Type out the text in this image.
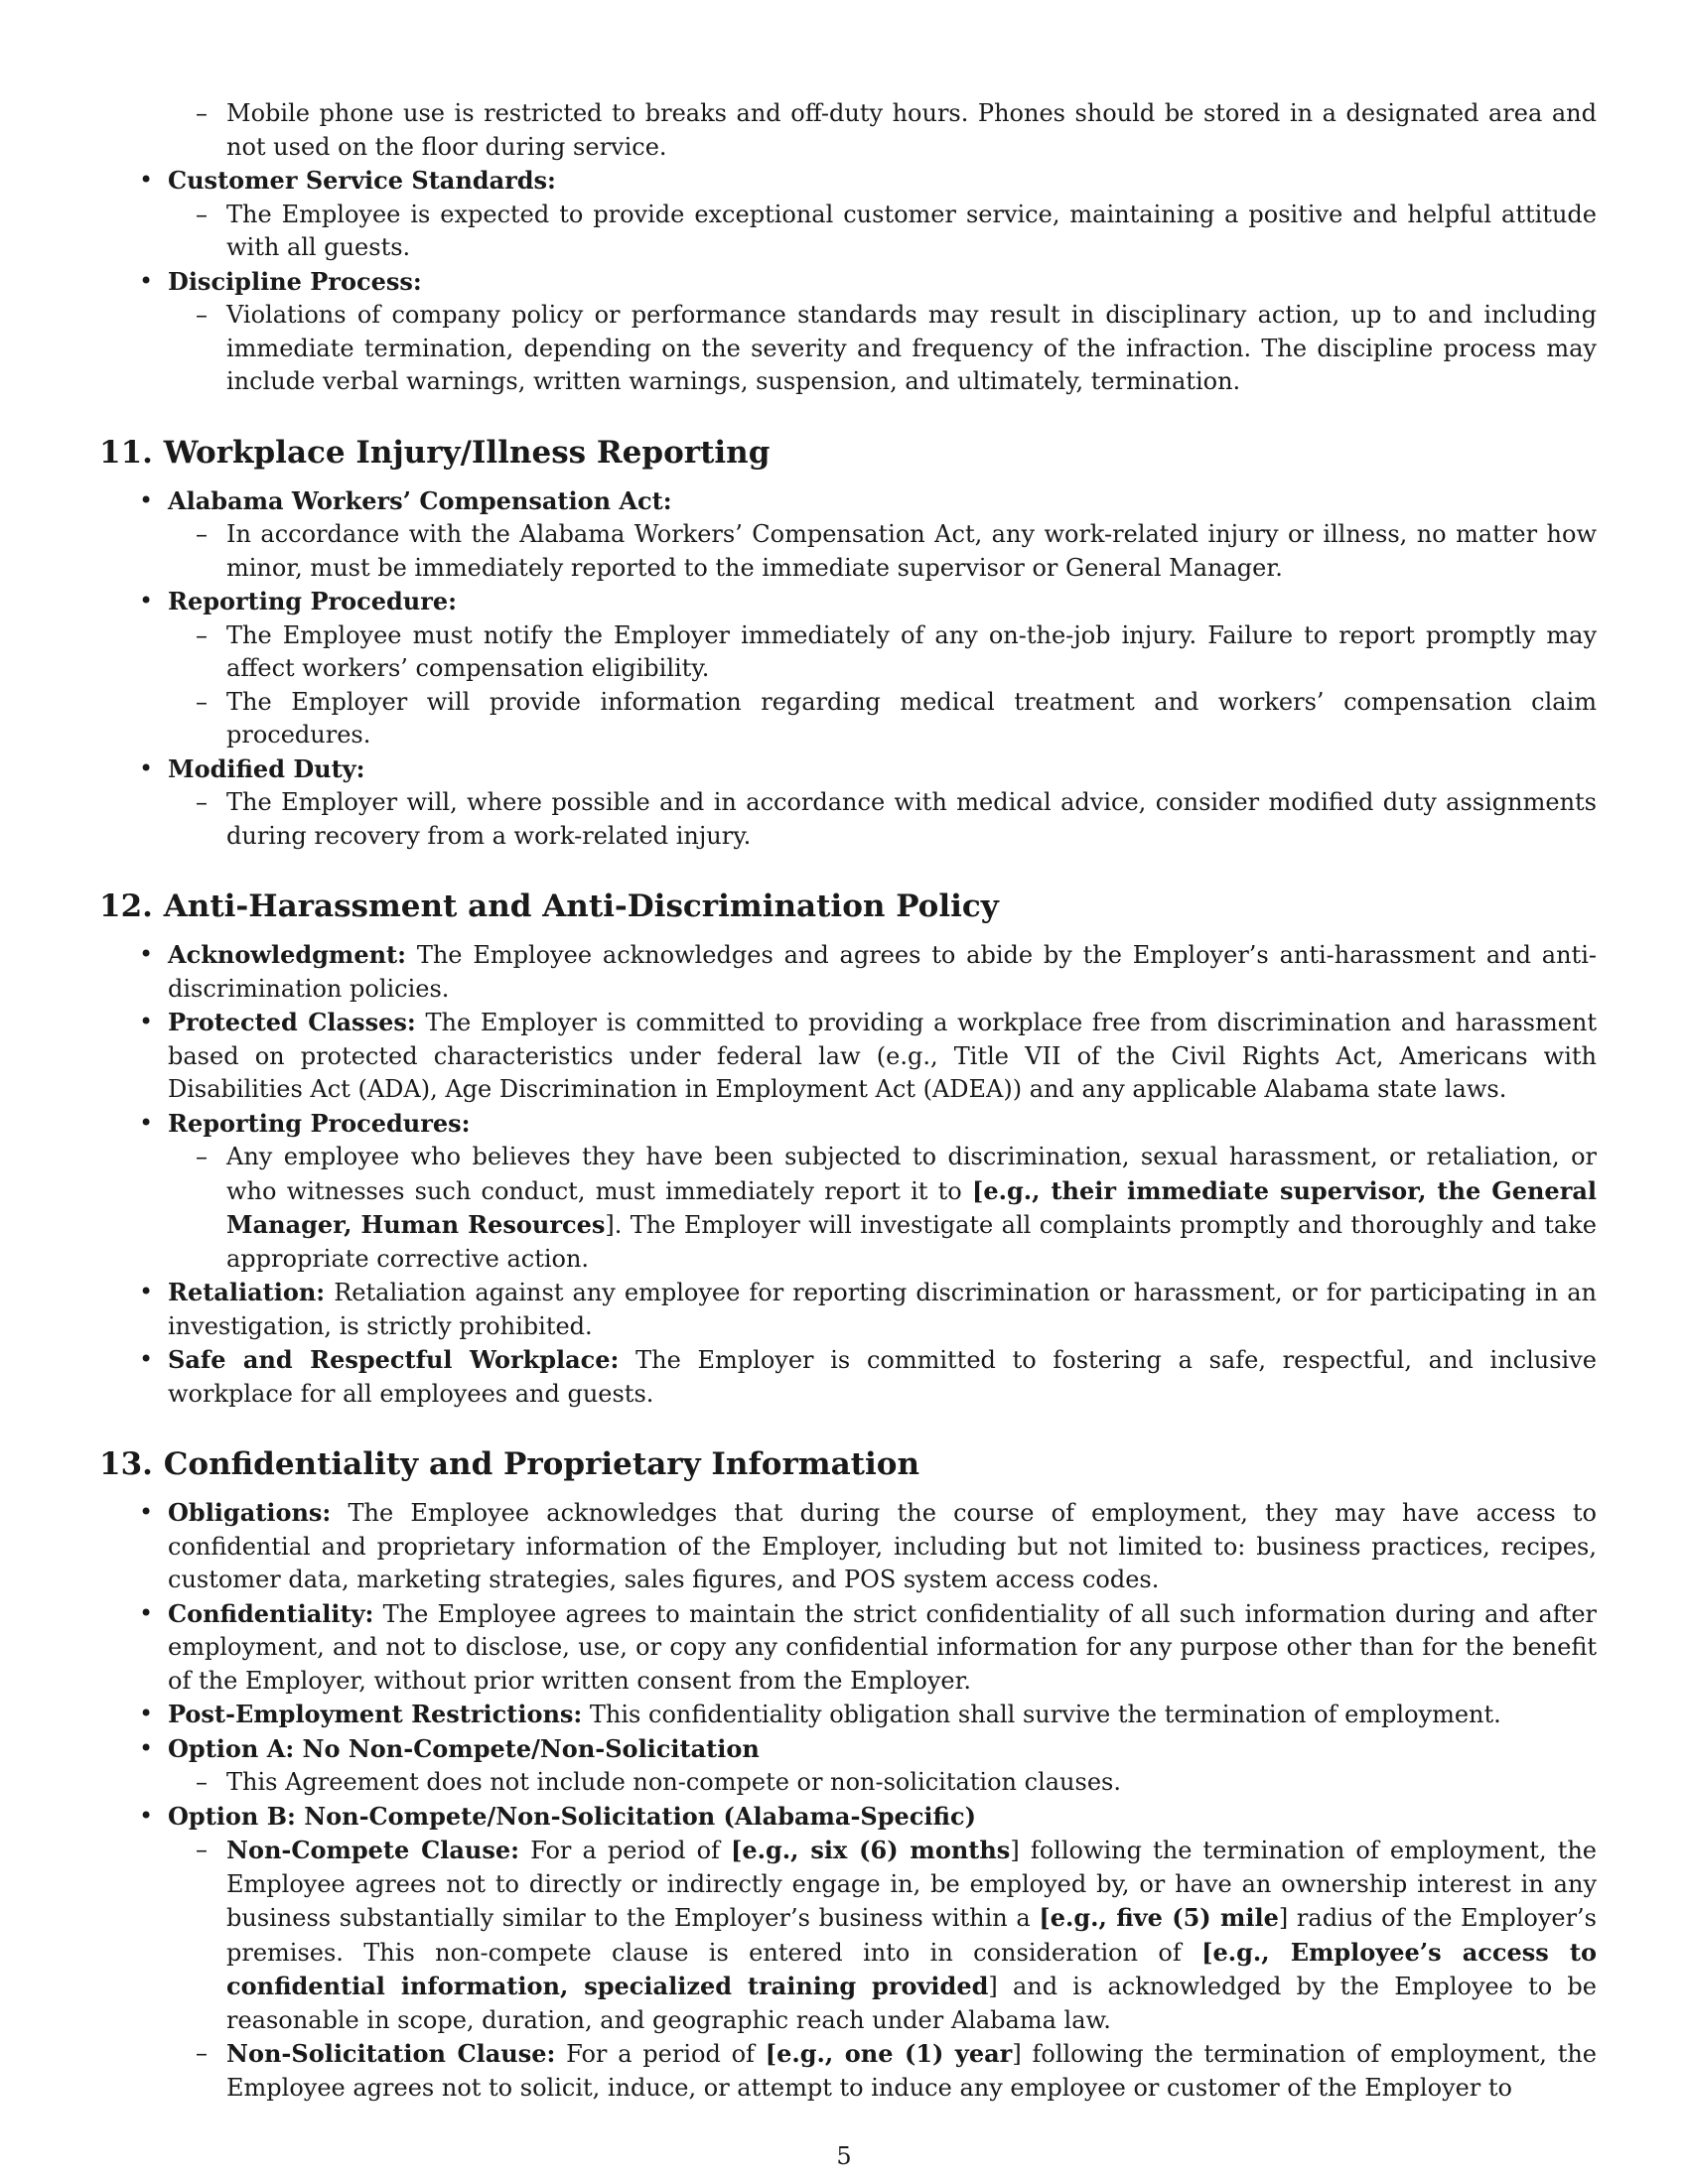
– Mobile phone use is restricted to breaks and off-duty hours. Phones should be stored in a designated area and not used on the floor during service.
• Customer Service Standards:
– The Employee is expected to provide exceptional customer service, maintaining a positive and helpful attitude with all guests.
• Discipline Process:
– Violations of company policy or performance standards may result in disciplinary action, up to and including immediate termination, depending on the severity and frequency of the infraction. The discipline process may include verbal warnings, written warnings, suspension, and ultimately, termination.
11. Workplace Injury/Illness Reporting
• Alabama Workers’ Compensation Act:
– In accordance with the Alabama Workers’ Compensation Act, any work-related injury or illness, no matter how minor, must be immediately reported to the immediate supervisor or General Manager.
• Reporting Procedure:
– The Employee must notify the Employer immediately of any on-the-job injury. Failure to report promptly may affect workers’ compensation eligibility.
– The Employer will provide information regarding medical treatment and workers’ compensation claim procedures.
• Modified Duty:
– The Employer will, where possible and in accordance with medical advice, consider modified duty assignments during recovery from a work-related injury.
12. Anti-Harassment and Anti-Discrimination Policy
• Acknowledgment: The Employee acknowledges and agrees to abide by the Employer’s anti-harassment and anti-discrimination policies.
• Protected Classes: The Employer is committed to providing a workplace free from discrimination and harassment based on protected characteristics under federal law (e.g., Title VII of the Civil Rights Act, Americans with Disabilities Act (ADA), Age Discrimination in Employment Act (ADEA)) and any applicable Alabama state laws.
• Reporting Procedures:
– Any employee who believes they have been subjected to discrimination, sexual harassment, or retaliation, or who witnesses such conduct, must immediately report it to [e.g., their immediate supervisor, the General Manager, Human Resources]. The Employer will investigate all complaints promptly and thoroughly and take appropriate corrective action.
• Retaliation: Retaliation against any employee for reporting discrimination or harassment, or for participating in an investigation, is strictly prohibited.
• Safe and Respectful Workplace: The Employer is committed to fostering a safe, respectful, and inclusive workplace for all employees and guests.
13. Confidentiality and Proprietary Information
• Obligations: The Employee acknowledges that during the course of employment, they may have access to confidential and proprietary information of the Employer, including but not limited to: business practices, recipes, customer data, marketing strategies, sales figures, and POS system access codes.
• Confidentiality: The Employee agrees to maintain the strict confidentiality of all such information during and after employment, and not to disclose, use, or copy any confidential information for any purpose other than for the benefit of the Employer, without prior written consent from the Employer.
• Post-Employment Restrictions: This confidentiality obligation shall survive the termination of employment.
• Option A: No Non-Compete/Non-Solicitation
– This Agreement does not include non-compete or non-solicitation clauses.
• Option B: Non-Compete/Non-Solicitation (Alabama-Specific)
– Non-Compete Clause: For a period of [e.g., six (6) months] following the termination of employment, the Employee agrees not to directly or indirectly engage in, be employed by, or have an ownership interest in any business substantially similar to the Employer’s business within a [e.g., five (5) mile] radius of the Employer’s premises. This non-compete clause is entered into in consideration of [e.g., Employee’s access to confidential information, specialized training provided] and is acknowledged by the Employee to be reasonable in scope, duration, and geographic reach under Alabama law.
– Non-Solicitation Clause: For a period of [e.g., one (1) year] following the termination of employment, the Employee agrees not to solicit, induce, or attempt to induce any employee or customer of the Employer to
5
